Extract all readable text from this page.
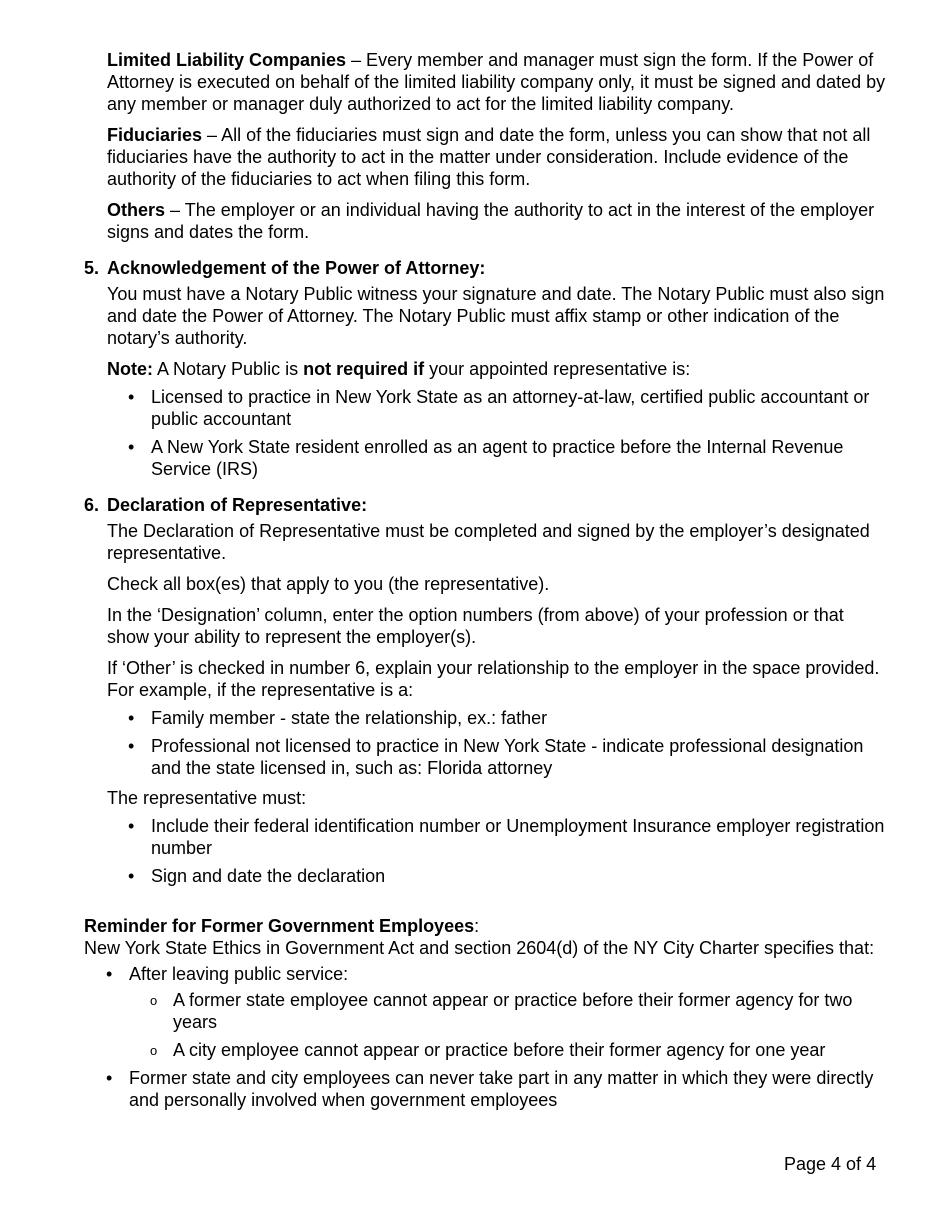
Limited Liability Companies – Every member and manager must sign the form. If the Power of Attorney is executed on behalf of the limited liability company only, it must be signed and dated by any member or manager duly authorized to act for the limited liability company.

Fiduciaries – All of the fiduciaries must sign and date the form, unless you can show that not all fiduciaries have the authority to act in the matter under consideration. Include evidence of the authority of the fiduciaries to act when filing this form.

Others – The employer or an individual having the authority to act in the interest of the employer signs and dates the form.

5. Acknowledgement of the Power of Attorney:

You must have a Notary Public witness your signature and date. The Notary Public must also sign and date the Power of Attorney. The Notary Public must affix stamp or other indication of the notary’s authority.

Note: A Notary Public is not required if your appointed representative is:

• Licensed to practice in New York State as an attorney-at-law, certified public accountant or public accountant
• A New York State resident enrolled as an agent to practice before the Internal Revenue Service (IRS)
6. Declaration of Representative:

The Declaration of Representative must be completed and signed by the employer’s designated representative.

Check all box(es) that apply to you (the representative).

In the ‘Designation’ column, enter the option numbers (from above) of your profession or that show your ability to represent the employer(s).

If ‘Other’ is checked in number 6, explain your relationship to the employer in the space provided. For example, if the representative is a:

• Family member - state the relationship, ex.: father
• Professional not licensed to practice in New York State - indicate professional designation and the state licensed in, such as: Florida attorney

The representative must:

• Include their federal identification number or Unemployment Insurance employer registration number
• Sign and date the declaration

Reminder for Former Government Employees:

New York State Ethics in Government Act and section 2604(d) of the NY City Charter specifies that:

• After leaving public service:
o A former state employee cannot appear or practice before their former agency for two years
o A city employee cannot appear or practice before their former agency for one year
• Former state and city employees can never take part in any matter in which they were directly and personally involved when government employees
Page 4 of 4
